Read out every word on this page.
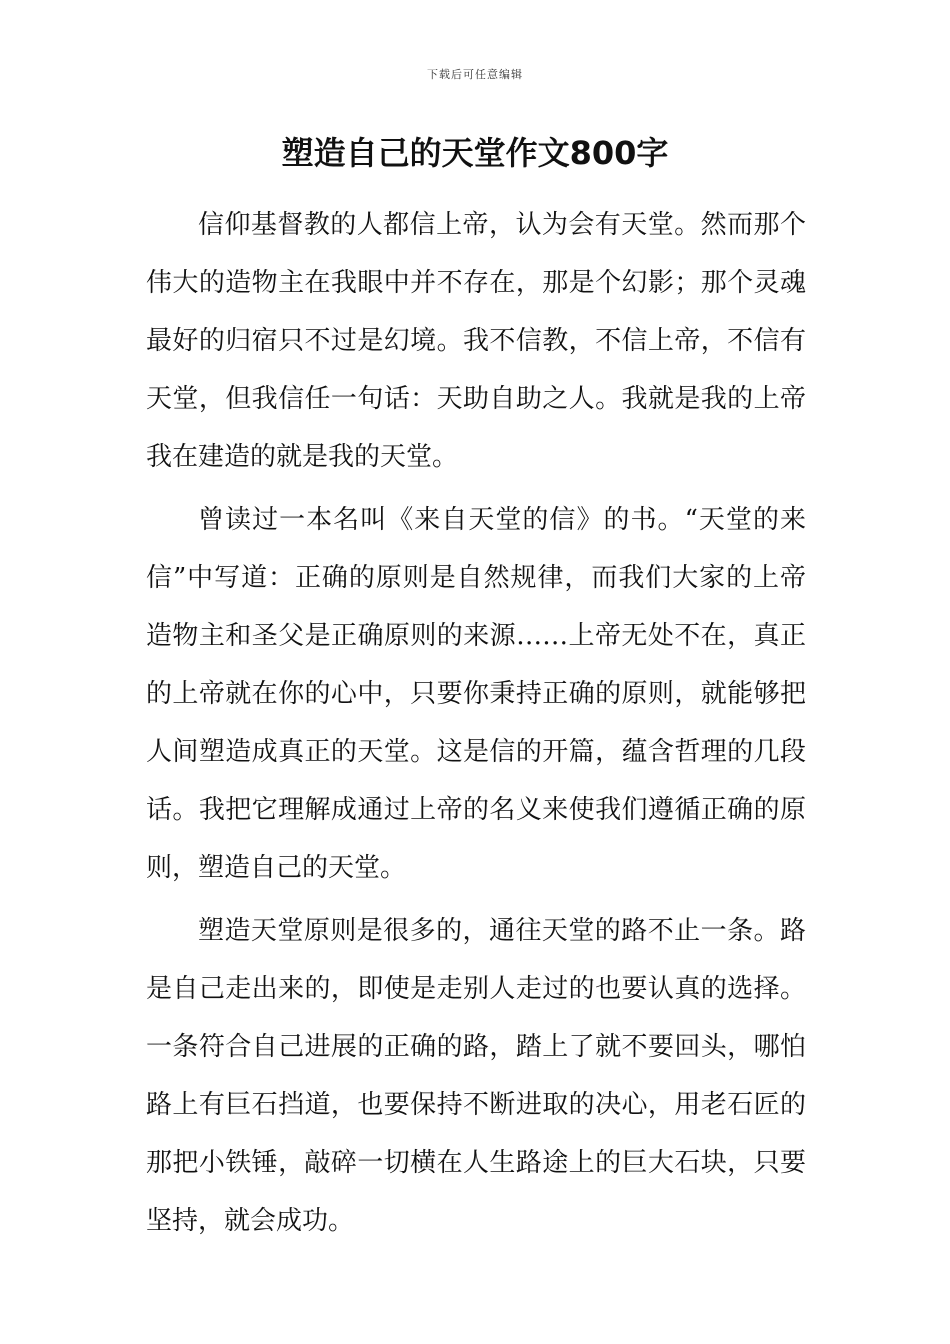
下载后可任意编辑
塑造自己的天堂作文800字

信仰基督教的人都信上帝，认为会有天堂。然而那个伟大的造物主在我眼中并不存在，那是个幻影；那个灵魂最好的归宿只不过是幻境。我不信教，不信上帝，不信有天堂，但我信任一句话：天助自助之人。我就是我的上帝我在建造的就是我的天堂。

曾读过一本名叫《来自天堂的信》的书。“天堂的来信”中写道：正确的原则是自然规律，而我们大家的上帝造物主和圣父是正确原则的来源……上帝无处不在，真正的上帝就在你的心中，只要你秉持正确的原则，就能够把人间塑造成真正的天堂。这是信的开篇，蕴含哲理的几段话。我把它理解成通过上帝的名义来使我们遵循正确的原则，塑造自己的天堂。

塑造天堂原则是很多的，通往天堂的路不止一条。路是自己走出来的，即使是走别人走过的也要认真的选择。一条符合自己进展的正确的路，踏上了就不要回头，哪怕路上有巨石挡道，也要保持不断进取的决心，用老石匠的那把小铁锤，敲碎一切横在人生路途上的巨大石块，只要坚持，就会成功。
